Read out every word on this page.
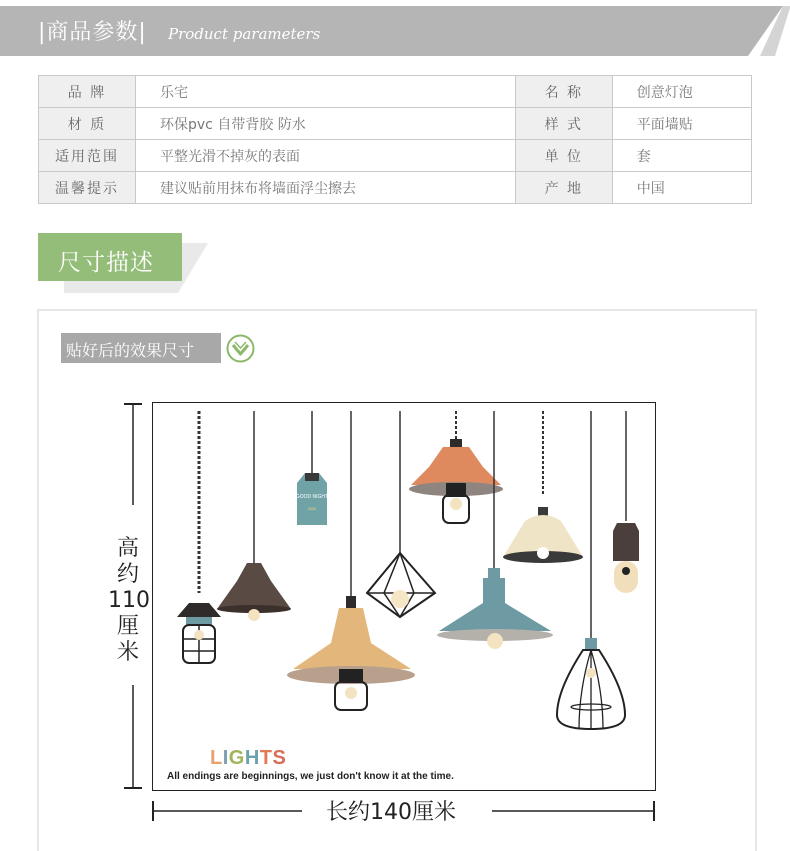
|商品参数| Product parameters
品 牌	乐宅	名 称	创意灯泡
材 质	环保pvc 自带背胶 防水	样 式	平面墙贴
适用范围	平整光滑不掉灰的表面	单 位	套
温馨提示	建议贴前用抹布将墙面浮尘擦去	产 地	中国
尺寸描述
贴好后的效果尺寸
高
约
110
厘
米
长约140厘米
GOOD NIGHT
≈≈
LIGHTS
All endings are beginnings, we just don't know it at the time.
